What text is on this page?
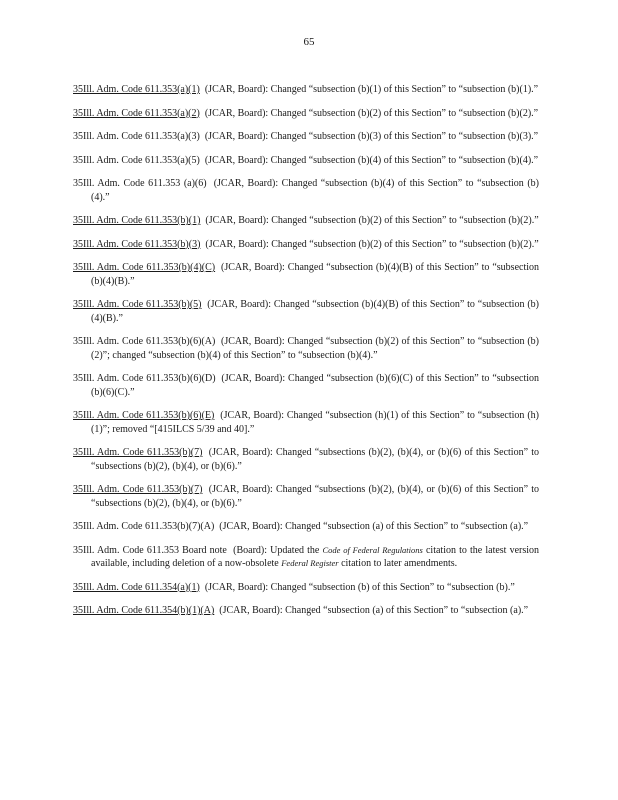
65

35Ill. Adm. Code 611.353(a)(1) (JCAR, Board): Changed “subsection (b)(1) of this Section” to “subsection (b)(1).”

35Ill. Adm. Code 611.353(a)(2) (JCAR, Board): Changed “subsection (b)(2) of this Section” to “subsection (b)(2).”

35Ill. Adm. Code 611.353(a)(3) (JCAR, Board): Changed “subsection (b)(3) of this Section” to “subsection (b)(3).”

35Ill. Adm. Code 611.353(a)(5) (JCAR, Board): Changed “subsection (b)(4) of this Section” to “subsection (b)(4).”

35Ill. Adm. Code 611.353 (a)(6) (JCAR, Board): Changed “subsection (b)(4) of this Section” to “subsection (b)(4).”

35Ill. Adm. Code 611.353(b)(1) (JCAR, Board): Changed “subsection (b)(2) of this Section” to “subsection (b)(2).”

35Ill. Adm. Code 611.353(b)(3) (JCAR, Board): Changed “subsection (b)(2) of this Section” to “subsection (b)(2).”

35Ill. Adm. Code 611.353(b)(4)(C) (JCAR, Board): Changed “subsection (b)(4)(B) of this Section” to “subsection (b)(4)(B).”

35Ill. Adm. Code 611.353(b)(5) (JCAR, Board): Changed “subsection (b)(4)(B) of this Section” to “subsection (b)(4)(B).”

35Ill. Adm. Code 611.353(b)(6)(A) (JCAR, Board): Changed “subsection (b)(2) of this Section” to “subsection (b)(2)”; changed “subsection (b)(4) of this Section” to “subsection (b)(4).”

35Ill. Adm. Code 611.353(b)(6)(D) (JCAR, Board): Changed “subsection (b)(6)(C) of this Section” to “subsection (b)(6)(C).”

35Ill. Adm. Code 611.353(b)(6)(E) (JCAR, Board): Changed “subsection (h)(1) of this Section” to “subsection (h)(1)”; removed “[415ILCS 5/39 and 40].”

35Ill. Adm. Code 611.353(b)(7) (JCAR, Board): Changed “subsections (b)(2), (b)(4), or (b)(6) of this Section” to “subsections (b)(2), (b)(4), or (b)(6).”

35Ill. Adm. Code 611.353(b)(7) (JCAR, Board): Changed “subsections (b)(2), (b)(4), or (b)(6) of this Section” to “subsections (b)(2), (b)(4), or (b)(6).”

35Ill. Adm. Code 611.353(b)(7)(A) (JCAR, Board): Changed “subsection (a) of this Section” to “subsection (a).”

35Ill. Adm. Code 611.353 Board note (Board): Updated the Code of Federal Regulations citation to the latest version available, including deletion of a now-obsolete Federal Register citation to later amendments.

35Ill. Adm. Code 611.354(a)(1) (JCAR, Board): Changed “subsection (b) of this Section” to “subsection (b).”

35Ill. Adm. Code 611.354(b)(1)(A) (JCAR, Board): Changed “subsection (a) of this Section” to “subsection (a).”
